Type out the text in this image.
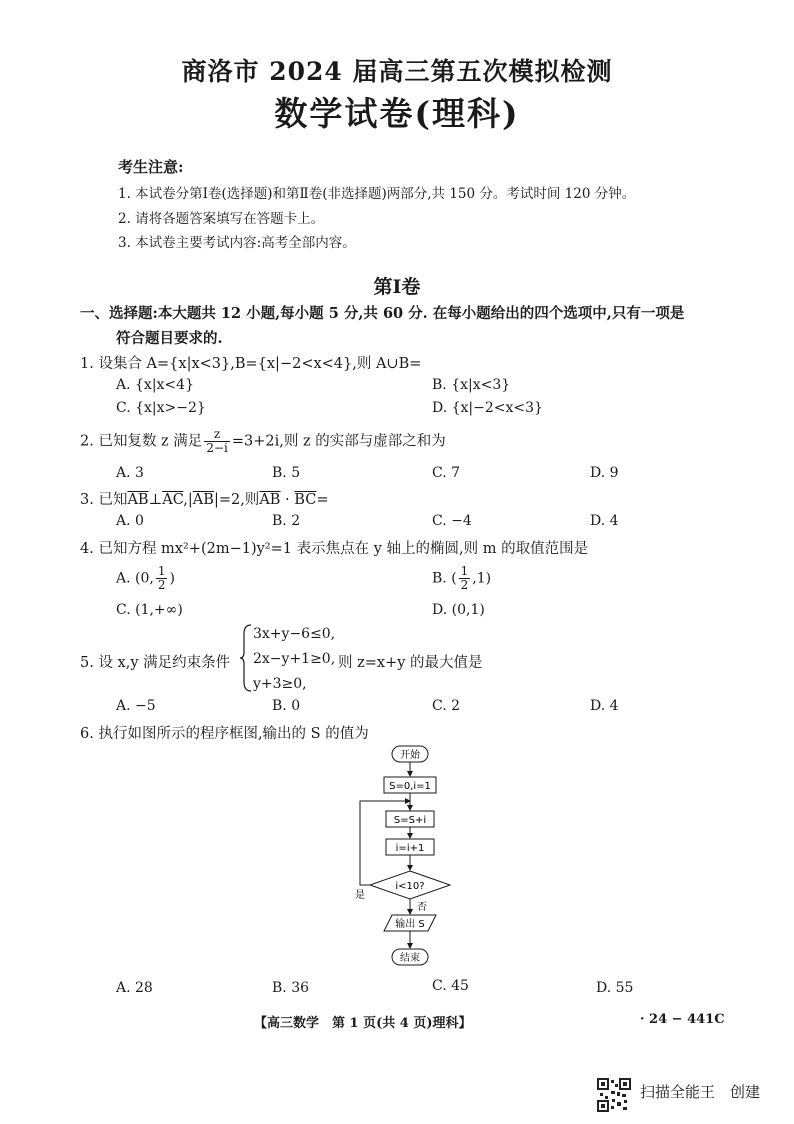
商洛市 2024 届高三第五次模拟检测
数学试卷(理科)
考生注意:
1. 本试卷分第Ⅰ卷(选择题)和第Ⅱ卷(非选择题)两部分,共 150 分。考试时间 120 分钟。
2. 请将各题答案填写在答题卡上。
3. 本试卷主要考试内容:高考全部内容。
第Ⅰ卷
一、选择题:本大题共 12 小题,每小题 5 分,共 60 分. 在每小题给出的四个选项中,只有一项是
符合题目要求的.
1. 设集合 A={x|x<3},B={x|−2<x<4},则 A∪B=
A. {x|x<4}	B. {x|x<3}
C. {x|x>−2}	D. {x|−2<x<3}
2. 已知复数 z 满足 $\frac{z}{2-i} =3+2i$,则 z 的实部与虚部之和为
A. 3	B. 5	C. 7	D. 9
3. 已知$\overline{AB}\perp\overline{AC},|\overline{AB}|=2$,则$\overline{AB} \cdot \overline{BC}=$
A. 0	B. 2	C. −4	D. 4
4. 已知方程 mx²+(2m−1)y²=1 表示焦点在 y 轴上的椭圆,则 m 的取值范围是
A. (0, $\frac{1}{2}$ )	B. ( $\frac{1}{2} ,1$)
C. (1,+∞)	D. (0,1)
5. 设 x,y 满足约束条件
3x+y−6≤0,
2x−y+1≥0,
y+3≥0,
则 z=x+y 的最大值是
A. −5	B. 0	C. 2	D. 4
6. 执行如图所示的程序框图,输出的 S 的值为
开始
S=0,i=1
S=S+i
i=i+1
i<10?
是
否
输出 S
结束
A. 28	B. 36	C. 45	D. 55
【高三数学　第 1 页(共 4 页)理科】	· 24 − 441C
扫描全能王　创建
